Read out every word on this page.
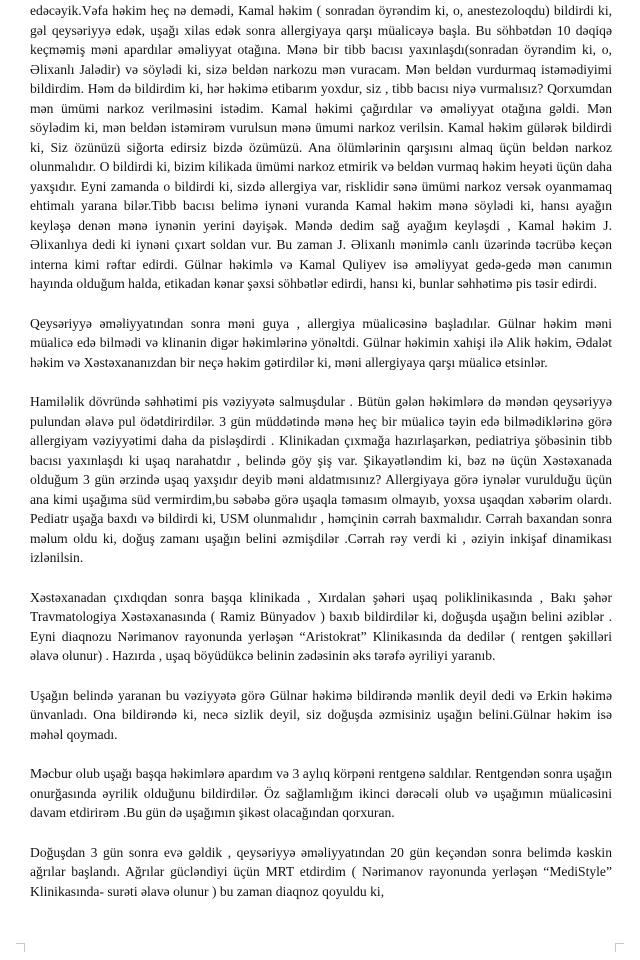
edəcəyik.Vəfa həkim heç nə demədi, Kamal həkim ( sonradan öyrəndim ki, o, anestezoloqdu) bildirdi ki, gəl qeysəriyyə edək, uşağı xilas edək sonra allergiyaya qarşı müalicəyə başla. Bu söhbətdən 10 dəqiqə keçməmiş məni apardılar əməliyyat otağına. Mənə bir tibb bacısı yaxınlaşdı(sonradan öyrəndim ki, o, Əlixanlı Jalədir) və söylədi ki, sizə beldən narkozu mən vuracam. Mən beldən vurdurmaq istəmədiyimi bildirdim. Həm də bildirdim ki, hər həkimə etibarım yoxdur, siz , tibb bacısı niyə vurmalısız? Qorxumdan mən ümümi narkoz verilməsini istədim. Kamal həkimi çağırdılar və əməliyyat otağına gəldi. Mən söylədim ki, mən beldən istəmirəm vurulsun mənə ümumi narkoz verilsin. Kamal həkim gülərək bildirdi ki, Siz özünüzü siğorta edirsiz bizdə özümüzü. Ana ölümlərinin qarşısını almaq üçün beldən narkoz olunmalıdır. O bildirdi ki, bizim kilikada ümümi narkoz etmirik və beldən vurmaq həkim heyəti üçün daha yaxşıdır. Eyni zamanda o bildirdi ki, sizdə allergiya var, risklidir sənə ümümi narkoz versək oyanmamaq ehtimalı yarana bilər.Tibb bacısı belimə iynəni vuranda Kamal həkim mənə söylədi ki, hansı ayağın keyləşə denən mənə iynənin yerini dəyişək. Məndə dedim sağ ayağım keyləşdi , Kamal həkim J. Əlixanlıya dedi ki iynəni çıxart soldan vur. Bu zaman J. Əlixanlı mənimlə canlı üzərində təcrübə keçən interna kimi rəftar edirdi. Gülnar həkimlə və Kamal Quliyev isə əməliyyat gedə-gedə mən canımın hayında olduğum halda, etikadan kənar şəxsi söhbətlər edirdi, hansı ki, bunlar səhhətimə pis təsir edirdi.

Qeysəriyyə əməliyyatından sonra məni guya , allergiya müalicəsinə başladılar. Gülnar həkim məni müalicə edə bilmədi və klinanin digər həkimlərinə yönəltdi. Gülnar həkimin xahişi ilə Alik həkim, Ədalət həkim və Xəstəxananızdan bir neçə həkim gətirdilər ki, məni allergiyaya qarşı müalicə etsinlər.

Hamiləlik dövründə səhhətimi pis vəziyyətə salmuşdular . Bütün gələn həkimlərə də məndən qeysəriyyə pulundan əlavə pul ödətdirirdilər. 3 gün müddətində mənə heç bir müalicə təyin edə bilmədiklərinə görə allergiyam vəziyyətimi daha da pisləşdirdi . Klinikadan çıxmağa hazırlaşarkən, pediatriya şöbəsinin tibb bacısı yaxınlaşdı ki uşaq narahatdır , belində göy şiş var. Şikayətləndim ki, bəz nə üçün Xəstəxanada olduğum 3 gün ərzində uşaq yaxşıdır deyib məni aldatmısınız? Allergiyaya görə iynələr vurulduğu üçün ana kimi uşağıma süd vermirdim,bu səbəbə görə uşaqla təmasım olmayıb, yoxsa uşaqdan xəbərim olardı. Pediatr uşağa baxdı və bildirdi ki, USM olunmalıdır , həmçinin cərrah baxmalıdır. Cərrah baxandan sonra məlum oldu ki, doğuş zamanı uşağın belini əzmişdilər .Cərrah rəy verdi ki , əziyin inkişaf dinamikası izlənilsin.

Xəstəxanadan çıxdıqdan sonra başqa klinikada , Xırdalan şəhəri uşaq poliklinikasında , Bakı şəhər Travmatologiya Xəstəxanasında ( Ramiz Bünyadov ) baxıb bildirdilər ki, doğuşda uşağın belini əziblər . Eyni diaqnozu Nərimanov rayonunda yerləşən “Aristokrat” Klinikasında da dedilər ( rentgen şəkilləri əlavə olunur) . Hazırda , uşaq böyüdükcə belinin zədəsinin əks tərəfə əyriliyi yaranıb.

Uşağın belində yaranan bu vəziyyətə görə Gülnar həkimə bildirəndə mənlik deyil dedi və Erkin həkimə ünvanladı. Ona bildirəndə ki, necə sizlik deyil, siz doğuşda əzmisiniz uşağın belini.Gülnar həkim isə məhəl qoymadı.

Məcbur olub uşağı başqa həkimlərə apardım və 3 aylıq körpəni rentgenə saldılar. Rentgendən sonra uşağın onurğasında əyrilik olduğunu bildirdilər. Öz sağlamlığım ikinci dərəcəli olub və uşağımın müalicəsini davam etdirirəm .Bu gün də uşağımın şikəst olacağından qorxuran.

Doğuşdan 3 gün sonra evə gəldik , qeysəriyyə əməliyyatından 20 gün keçəndən sonra belimdə kəskin ağrılar başlandı. Ağrılar gücləndiyi üçün MRT etdirdim ( Nərimanov rayonunda yerləşən “MediStyle” Klinikasında- surəti əlavə olunur ) bu zaman diaqnoz qoyuldu ki,
